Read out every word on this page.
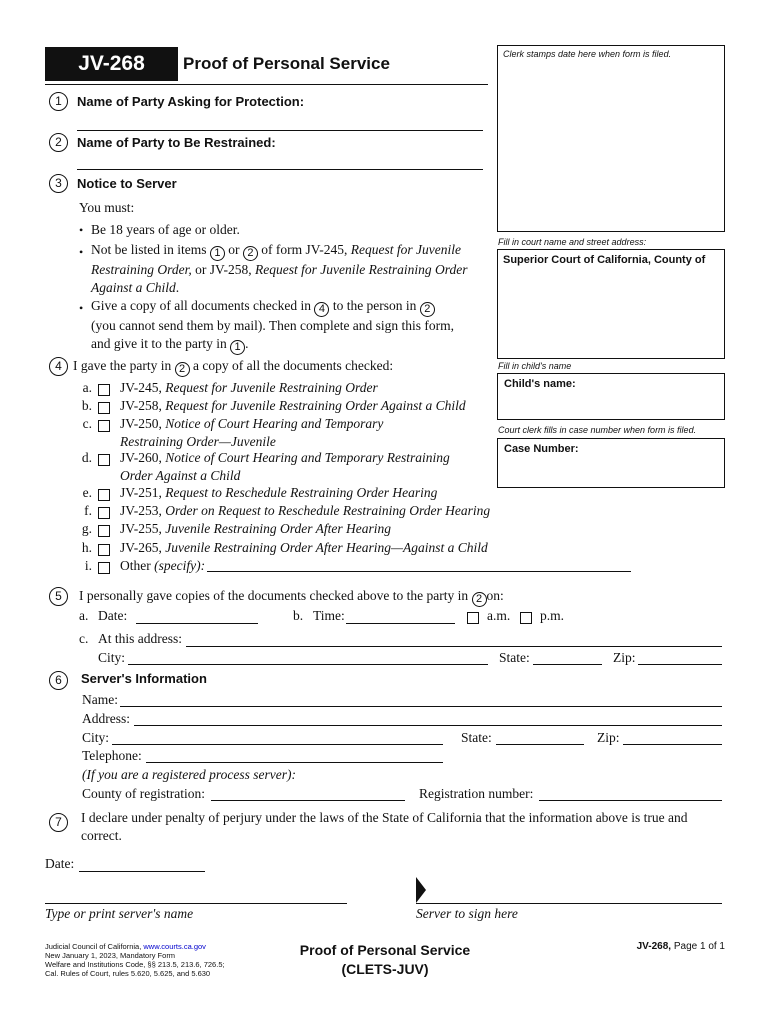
JV-268	Proof of Personal Service	Clerk stamps date here when form is filed.
Fill in court name and street address:
Superior Court of California, County of
Fill in child's name
Child's name:
Court clerk fills in case number when form is filed.
Case Number:
1	Name of Party Asking for Protection:
2	Name of Party to Be Restrained:
3	Notice to Server
You must:
• Be 18 years of age or older.
• Not be listed in items 1 or 2 of form JV-245, Request for Juvenile
Restraining Order, or JV-258, Request for Juvenile Restraining Order
Against a Child.
• Give a copy of all documents checked in 4 to the person in 2
(you cannot send them by mail). Then complete and sign this form,
and give it to the party in 1 .
4 I gave the party in 2 a copy of all the documents checked:
a. JV-245, Request for Juvenile Restraining Order
b. JV-258, Request for Juvenile Restraining Order Against a Child
c. JV-250, Notice of Court Hearing and Temporary
Restraining Order—Juvenile
d. JV-260, Notice of Court Hearing and Temporary Restraining
Order Against a Child
e. JV-251, Request to Reschedule Restraining Order Hearing
f. JV-253, Order on Request to Reschedule Restraining Order Hearing
g. JV-255, Juvenile Restraining Order After Hearing
h. JV-265, Juvenile Restraining Order After Hearing—Against a Child
i. Other (specify):
5	I personally gave copies of the documents checked above to the party in 2 on:
a. Date:	b. Time:	a.m. p.m.
c. At this address:
City:	State:	Zip:
6	Server's Information
Name:
Address:
City:	State:	Zip:
Telephone:
(If you are a registered process server):
County of registration:	Registration number:
7	I declare under penalty of perjury under the laws of the State of California that the information above is true and
correct.
Date:
Type or print server's name	Server to sign here
Judicial Council of California, www.courts.ca.gov
New January 1, 2023, Mandatory Form
Welfare and Institutions Code, §§ 213.5, 213.6, 726.5;
Cal. Rules of Court, rules 5.620, 5.625, and 5.630
Proof of Personal Service
(CLETS-JUV)
JV-268, Page 1 of 1
